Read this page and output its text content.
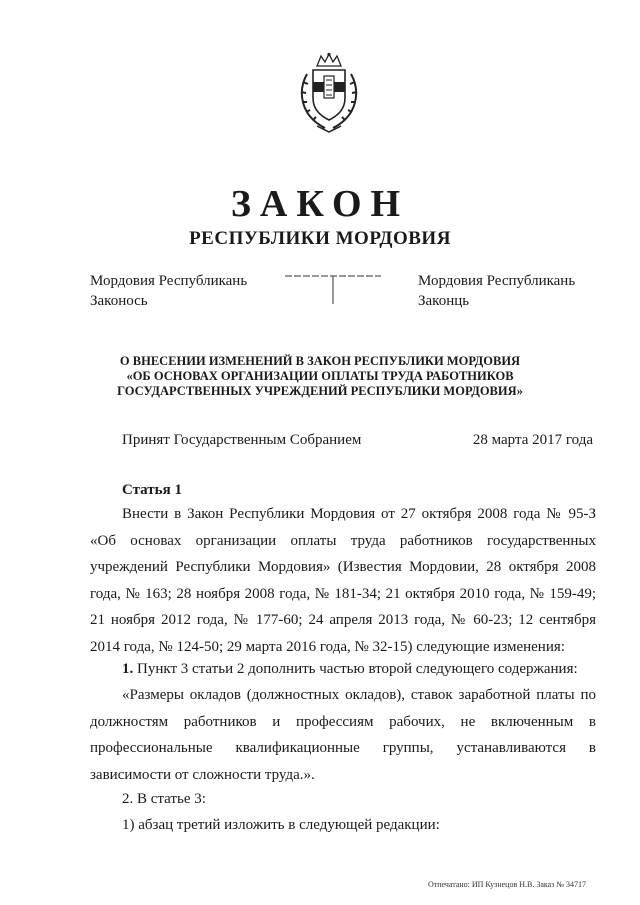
ЗАКОН
РЕСПУБЛИКИ МОРДОВИЯ
Мордовия Республикань
Законось
Мордовия Республикань
Законць
О ВНЕСЕНИИ ИЗМЕНЕНИЙ В ЗАКОН РЕСПУБЛИКИ МОРДОВИЯ
«ОБ ОСНОВАХ ОРГАНИЗАЦИИ ОПЛАТЫ ТРУДА РАБОТНИКОВ
ГОСУДАРСТВЕННЫХ УЧРЕЖДЕНИЙ РЕСПУБЛИКИ МОРДОВИЯ»
Принят Государственным Собранием	28 марта 2017 года
Статья 1

Внести в Закон Республики Мордовия от 27 октября 2008 года № 95-З «Об основах организации оплаты труда работников государственных учреждений Республики Мордовия» (Известия Мордовии, 28 октября 2008 года, № 163; 28 ноября 2008 года, № 181-34; 21 октября 2010 года, № 159-49; 21 ноября 2012 года, № 177-60; 24 апреля 2013 года, № 60-23; 12 сентября 2014 года, № 124-50; 29 марта 2016 года, № 32-15) следующие изменения:

1. Пункт 3 статьи 2 дополнить частью второй следующего содержания:

«Размеры окладов (должностных окладов), ставок заработной платы по должностям работников и профессиям рабочих, не включенным в профессиональные квалификационные группы, устанавливаются в зависимости от сложности труда.».

2. В статье 3:

1) абзац третий изложить в следующей редакции:

Отпечатано: ИП Кузнецов Н.В. Заказ № 34717
